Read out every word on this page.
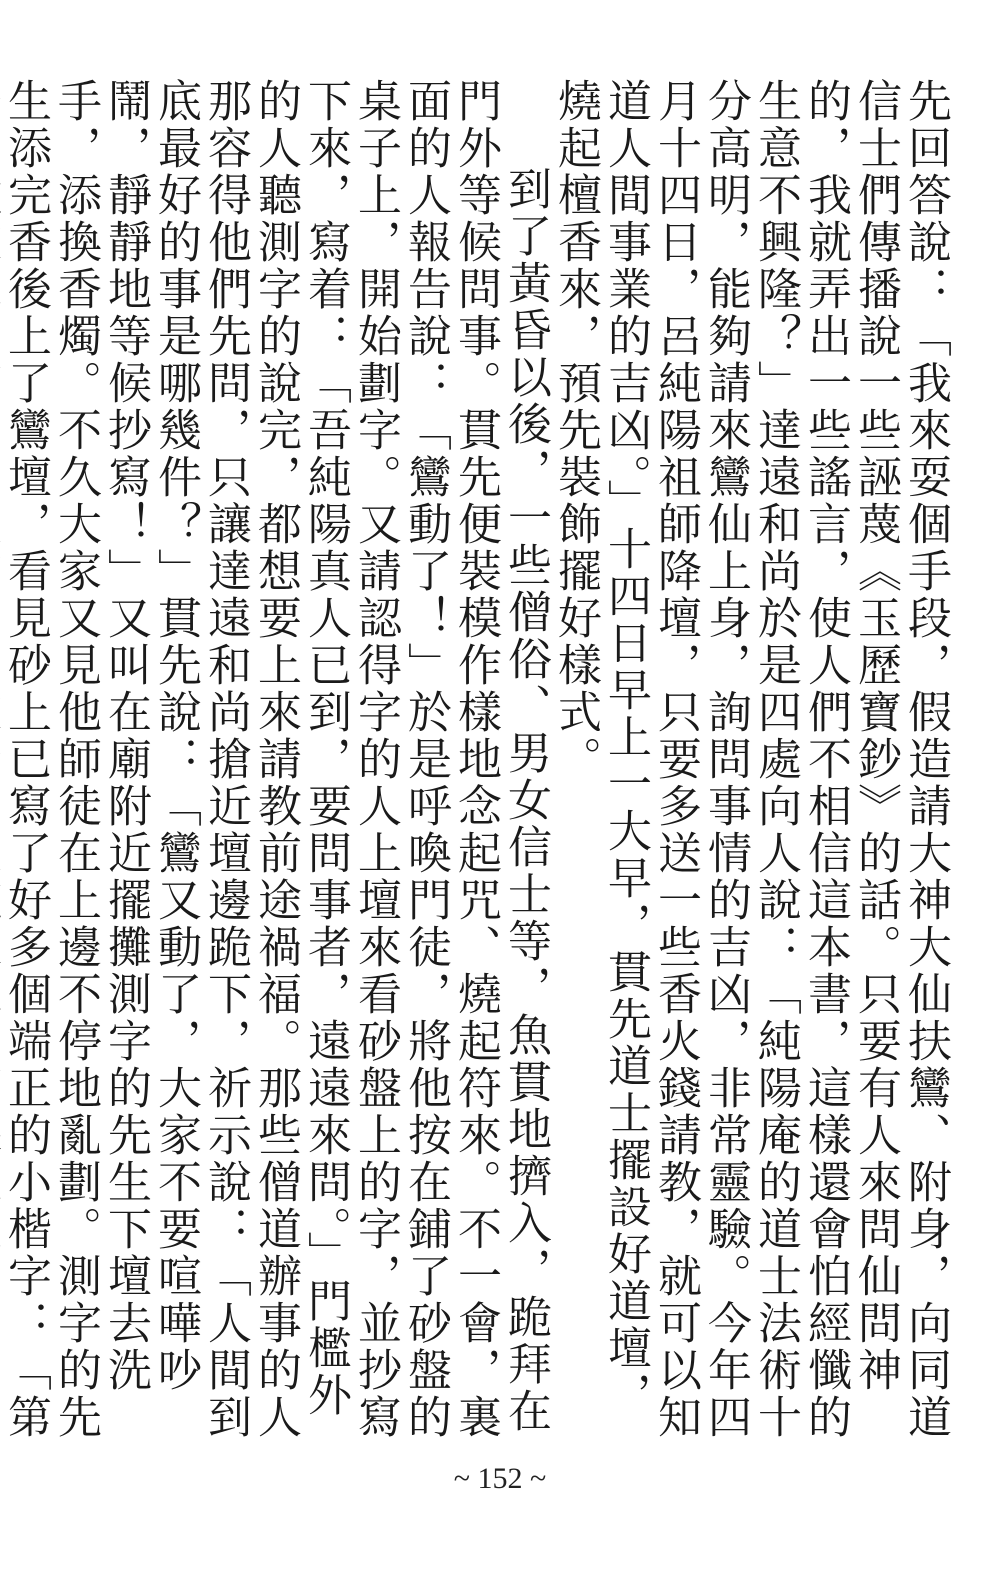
先回答說：「我來耍個手段，假造請大神大仙扶鸞、附身，向同道信士們傳播說一些誣蔑《玉歷寶鈔》的話。只要有人來問仙問神的，我就弄出一些謠言，使人們不相信這本書，這樣還會怕經懺的生意不興隆？」達遠和尚於是四處向人說：「純陽庵的道士法術十分高明，能夠請來鸞仙上身，詢問事情的吉凶，非常靈驗。今年四月十四日，呂純陽祖師降壇，只要多送一些香火錢請教，就可以知道人間事業的吉凶。」十四日早上一大早，貫先道士擺設好道壇，燒起檀香來，預先裝飾擺好樣式。

到了黃昏以後，一些僧俗、男女信士等，魚貫地擠入，跪拜在門外等候問事。貫先便裝模作樣地念起咒、燒起符來。不一會，裏面的人報告說：「鸞動了！」於是呼喚門徒，將他按在鋪了砂盤的桌子上，開始劃字。又請認得字的人上壇來看砂盤上的字，並抄寫下來，寫着：「吾純陽真人已到，要問事者，遠遠來問。」門檻外的人聽測字的說完，都想要上來請教前途禍福。那些僧道辦事的人那容得他們先問，只讓達遠和尚搶近壇邊跪下，祈示說：「人間到底最好的事是哪幾件？」貫先說：「鸞又動了，大家不要喧嘩吵鬧，靜靜地等候抄寫！」又叫在廟附近擺攤測字的先生下壇去洗手，添換香燭。不久大家又見他師徒在上邊不停地亂劃。測字的先生添完香後上了鸞壇，看見砂上已寫了好多個端正的小楷字：「第

~ 152 ~
